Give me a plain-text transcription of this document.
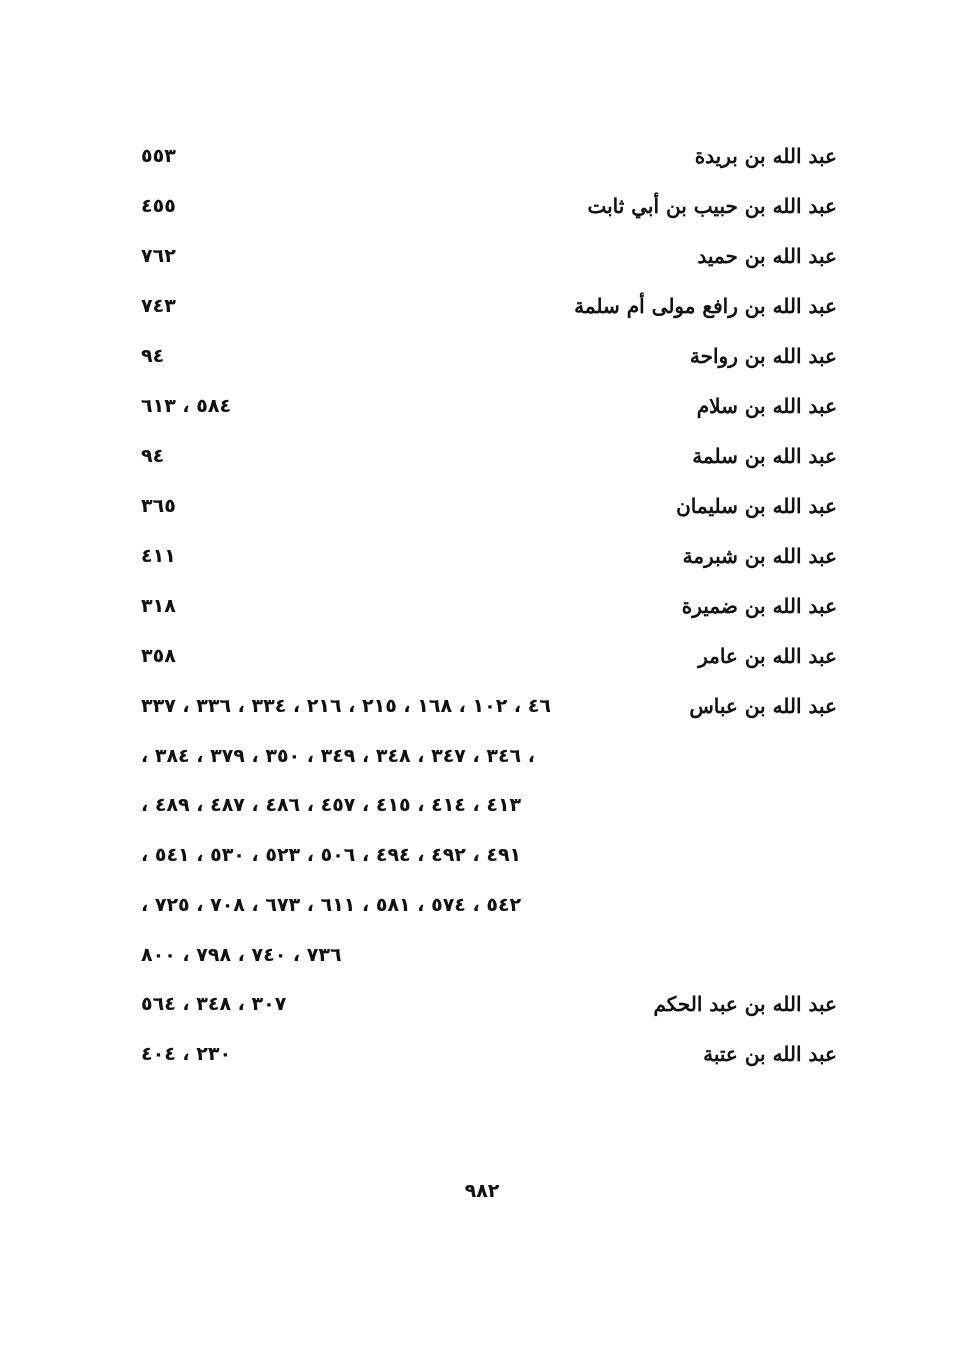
عبد الله بن بريدة
٥٥٣
عبد الله بن حبيب بن أبي ثابت
٤٥٥
عبد الله بن حميد
٧٦٢
عبد الله بن رافع مولى أم سلمة
٧٤٣
عبد الله بن رواحة
٩٤
عبد الله بن سلام
٥٨٤ ، ٦١٣
عبد الله بن سلمة
٩٤
عبد الله بن سليمان
٣٦٥
عبد الله بن شبرمة
٤١١
عبد الله بن ضميرة
٣١٨
عبد الله بن عامر
٣٥٨
عبد الله بن عباس
٤٦ ، ١٠٢ ، ١٦٨ ، ٢١٥ ، ٢١٦ ، ٣٣٤ ، ٣٣٦ ، ٣٣٧
، ٣٤٦ ، ٣٤٧ ، ٣٤٨ ، ٣٤٩ ، ٣٥٠ ، ٣٧٩ ، ٣٨٤ ،
٤١٣ ، ٤١٤ ، ٤١٥ ، ٤٥٧ ، ٤٨٦ ، ٤٨٧ ، ٤٨٩ ،
٤٩١ ، ٤٩٢ ، ٤٩٤ ، ٥٠٦ ، ٥٢٣ ، ٥٣٠ ، ٥٤١ ،
٥٤٢ ، ٥٧٤ ، ٥٨١ ، ٦١١ ، ٦٧٣ ، ٧٠٨ ، ٧٢٥ ،
٧٣٦ ، ٧٤٠ ، ٧٩٨ ، ٨٠٠
عبد الله بن عبد الحكم
٣٠٧ ، ٣٤٨ ، ٥٦٤
عبد الله بن عتبة
٢٣٠ ، ٤٠٤
٩٨٢
